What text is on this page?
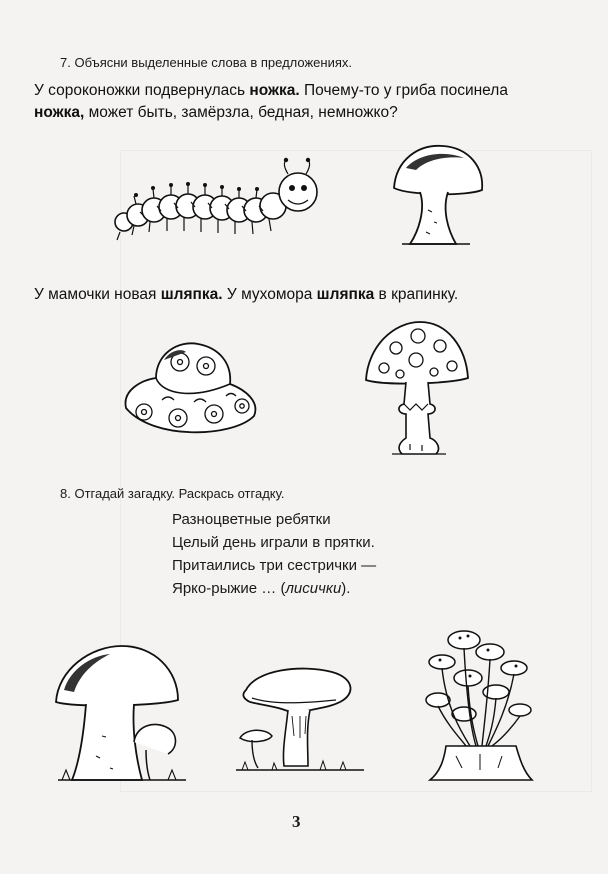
7. Объясни выделенные слова в предложениях.
У сороконожки подвернулась ножка. Почему-то у гриба посинела
ножка, может быть, замёрзла, бедная, немножко?
У мамочки новая шляпка. У мухомора шляпка в крапинку.
8. Отгадай загадку. Раскрась отгадку.
Разноцветные ребятки
Целый день играли в прятки.
Притаились три сестрички —
Ярко-рыжие … (лисички).
3
